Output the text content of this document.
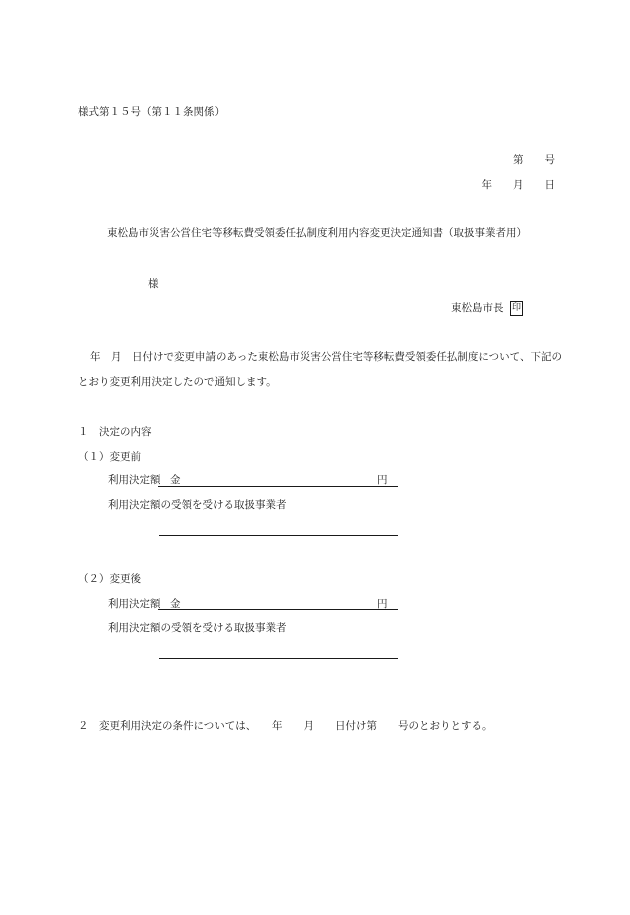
様式第１５号（第１１条関係）
第　　号
年　　月　　日
東松島市災害公営住宅等移転費受領委任払制度利用内容変更決定通知書（取扱事業者用）
様
東松島市長 印
年　月　日付けで変更申請のあった東松島市災害公営住宅等移転費受領委任払制度について、下記の
とおり変更利用決定したので通知します。
１　決定の内容
（１）変更前
利用決定額 金	円
利用決定額の受領を受ける取扱事業者
（２）変更後
利用決定額 金	円
利用決定額の受領を受ける取扱事業者
２　変更利用決定の条件については、　　年　　月　　日付け第　　号のとおりとする。
